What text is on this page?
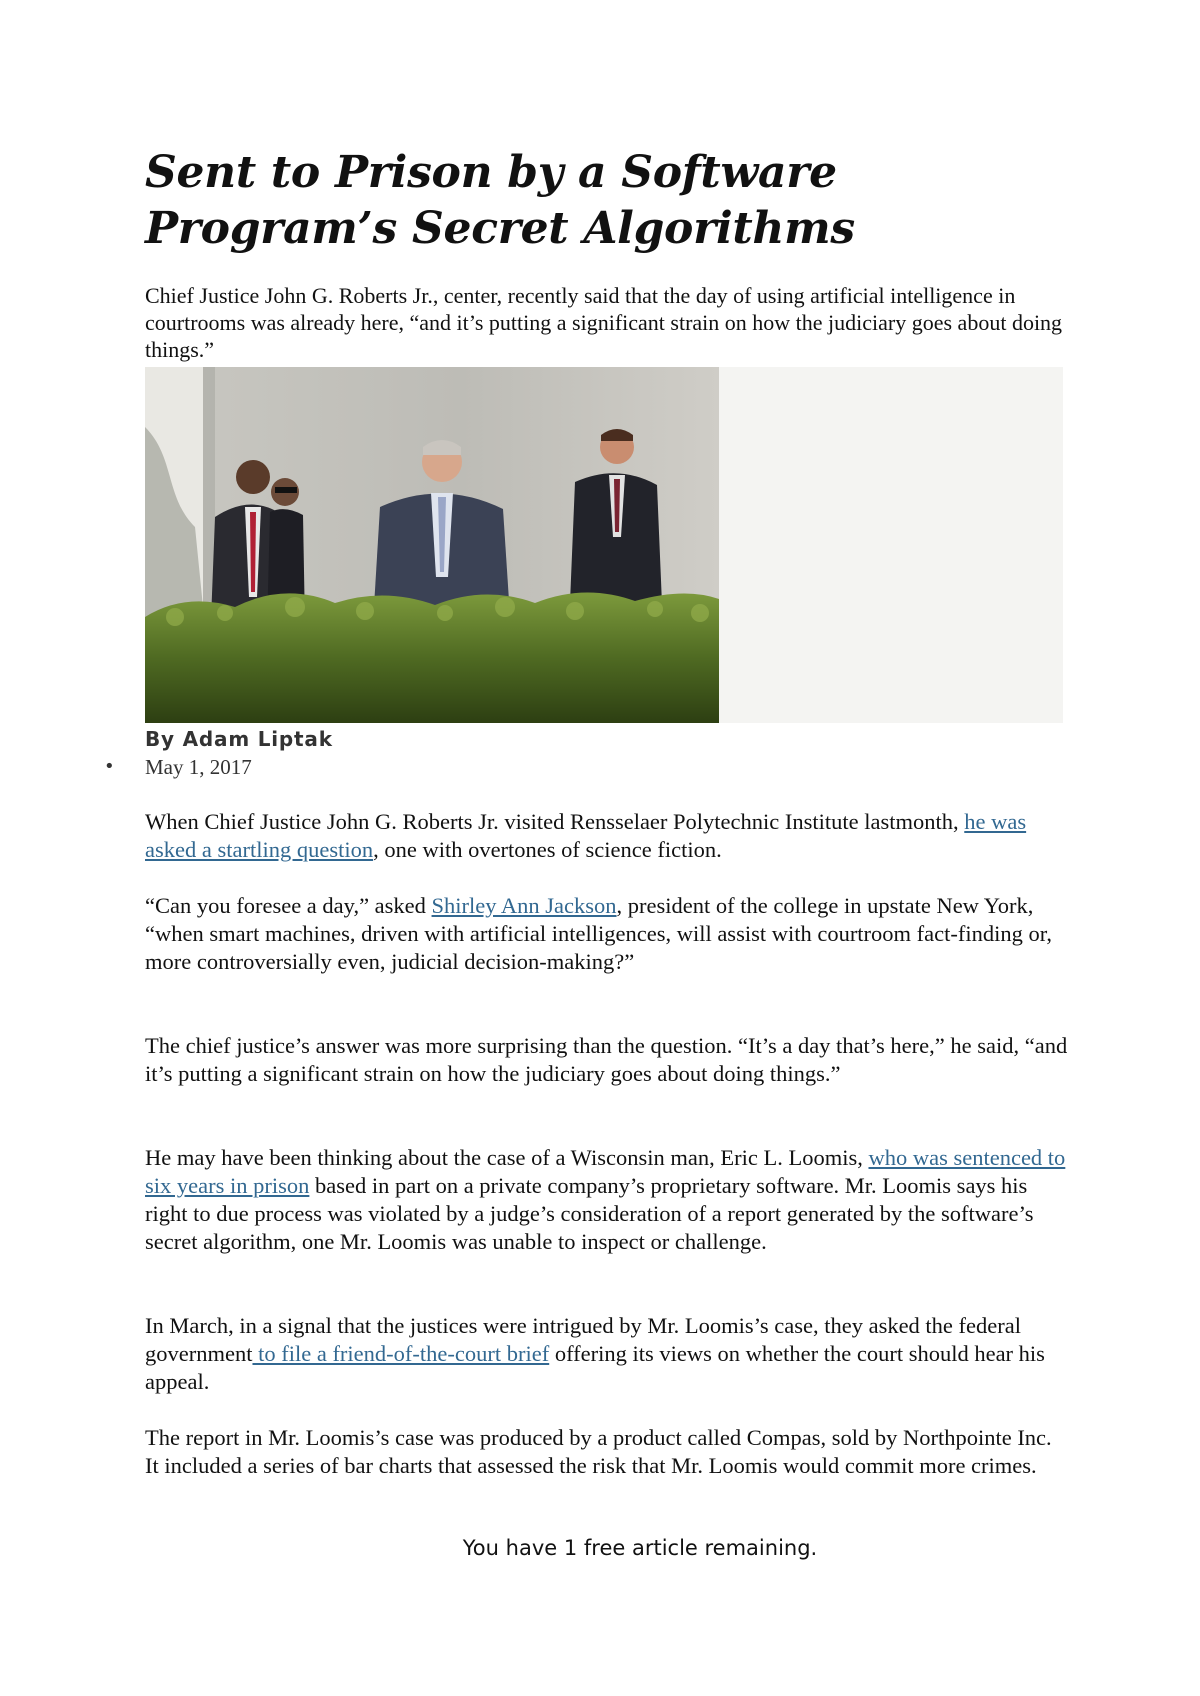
Sent to Prison by a Software Program’s Secret Algorithms

Chief Justice John G. Roberts Jr., center, recently said that the day of using artificial intelligence in courtrooms was already here, “and it’s putting a significant strain on how the judiciary goes about doing things.”

By Adam Liptak

• May 1, 2017

When Chief Justice John G. Roberts Jr. visited Rensselaer Polytechnic Institute lastmonth, he was asked a startling question, one with overtones of science fiction.

“Can you foresee a day,” asked Shirley Ann Jackson, president of the college in upstate New York, “when smart machines, driven with artificial intelligences, will assist with courtroom fact-finding or, more controversially even, judicial decision-making?”

The chief justice’s answer was more surprising than the question. “It’s a day that’s here,” he said, “and it’s putting a significant strain on how the judiciary goes about doing things.”

He may have been thinking about the case of a Wisconsin man, Eric L. Loomis, who was sentenced to six years in prison based in part on a private company’s proprietary software. Mr. Loomis says his right to due process was violated by a judge’s consideration of a report generated by the software’s secret algorithm, one Mr. Loomis was unable to inspect or challenge.

In March, in a signal that the justices were intrigued by Mr. Loomis’s case, they asked the federal government to file a friend-of-the-court brief offering its views on whether the court should hear his appeal.

The report in Mr. Loomis’s case was produced by a product called Compas, sold by Northpointe Inc. It included a series of bar charts that assessed the risk that Mr. Loomis would commit more crimes.

You have 1 free article remaining.
